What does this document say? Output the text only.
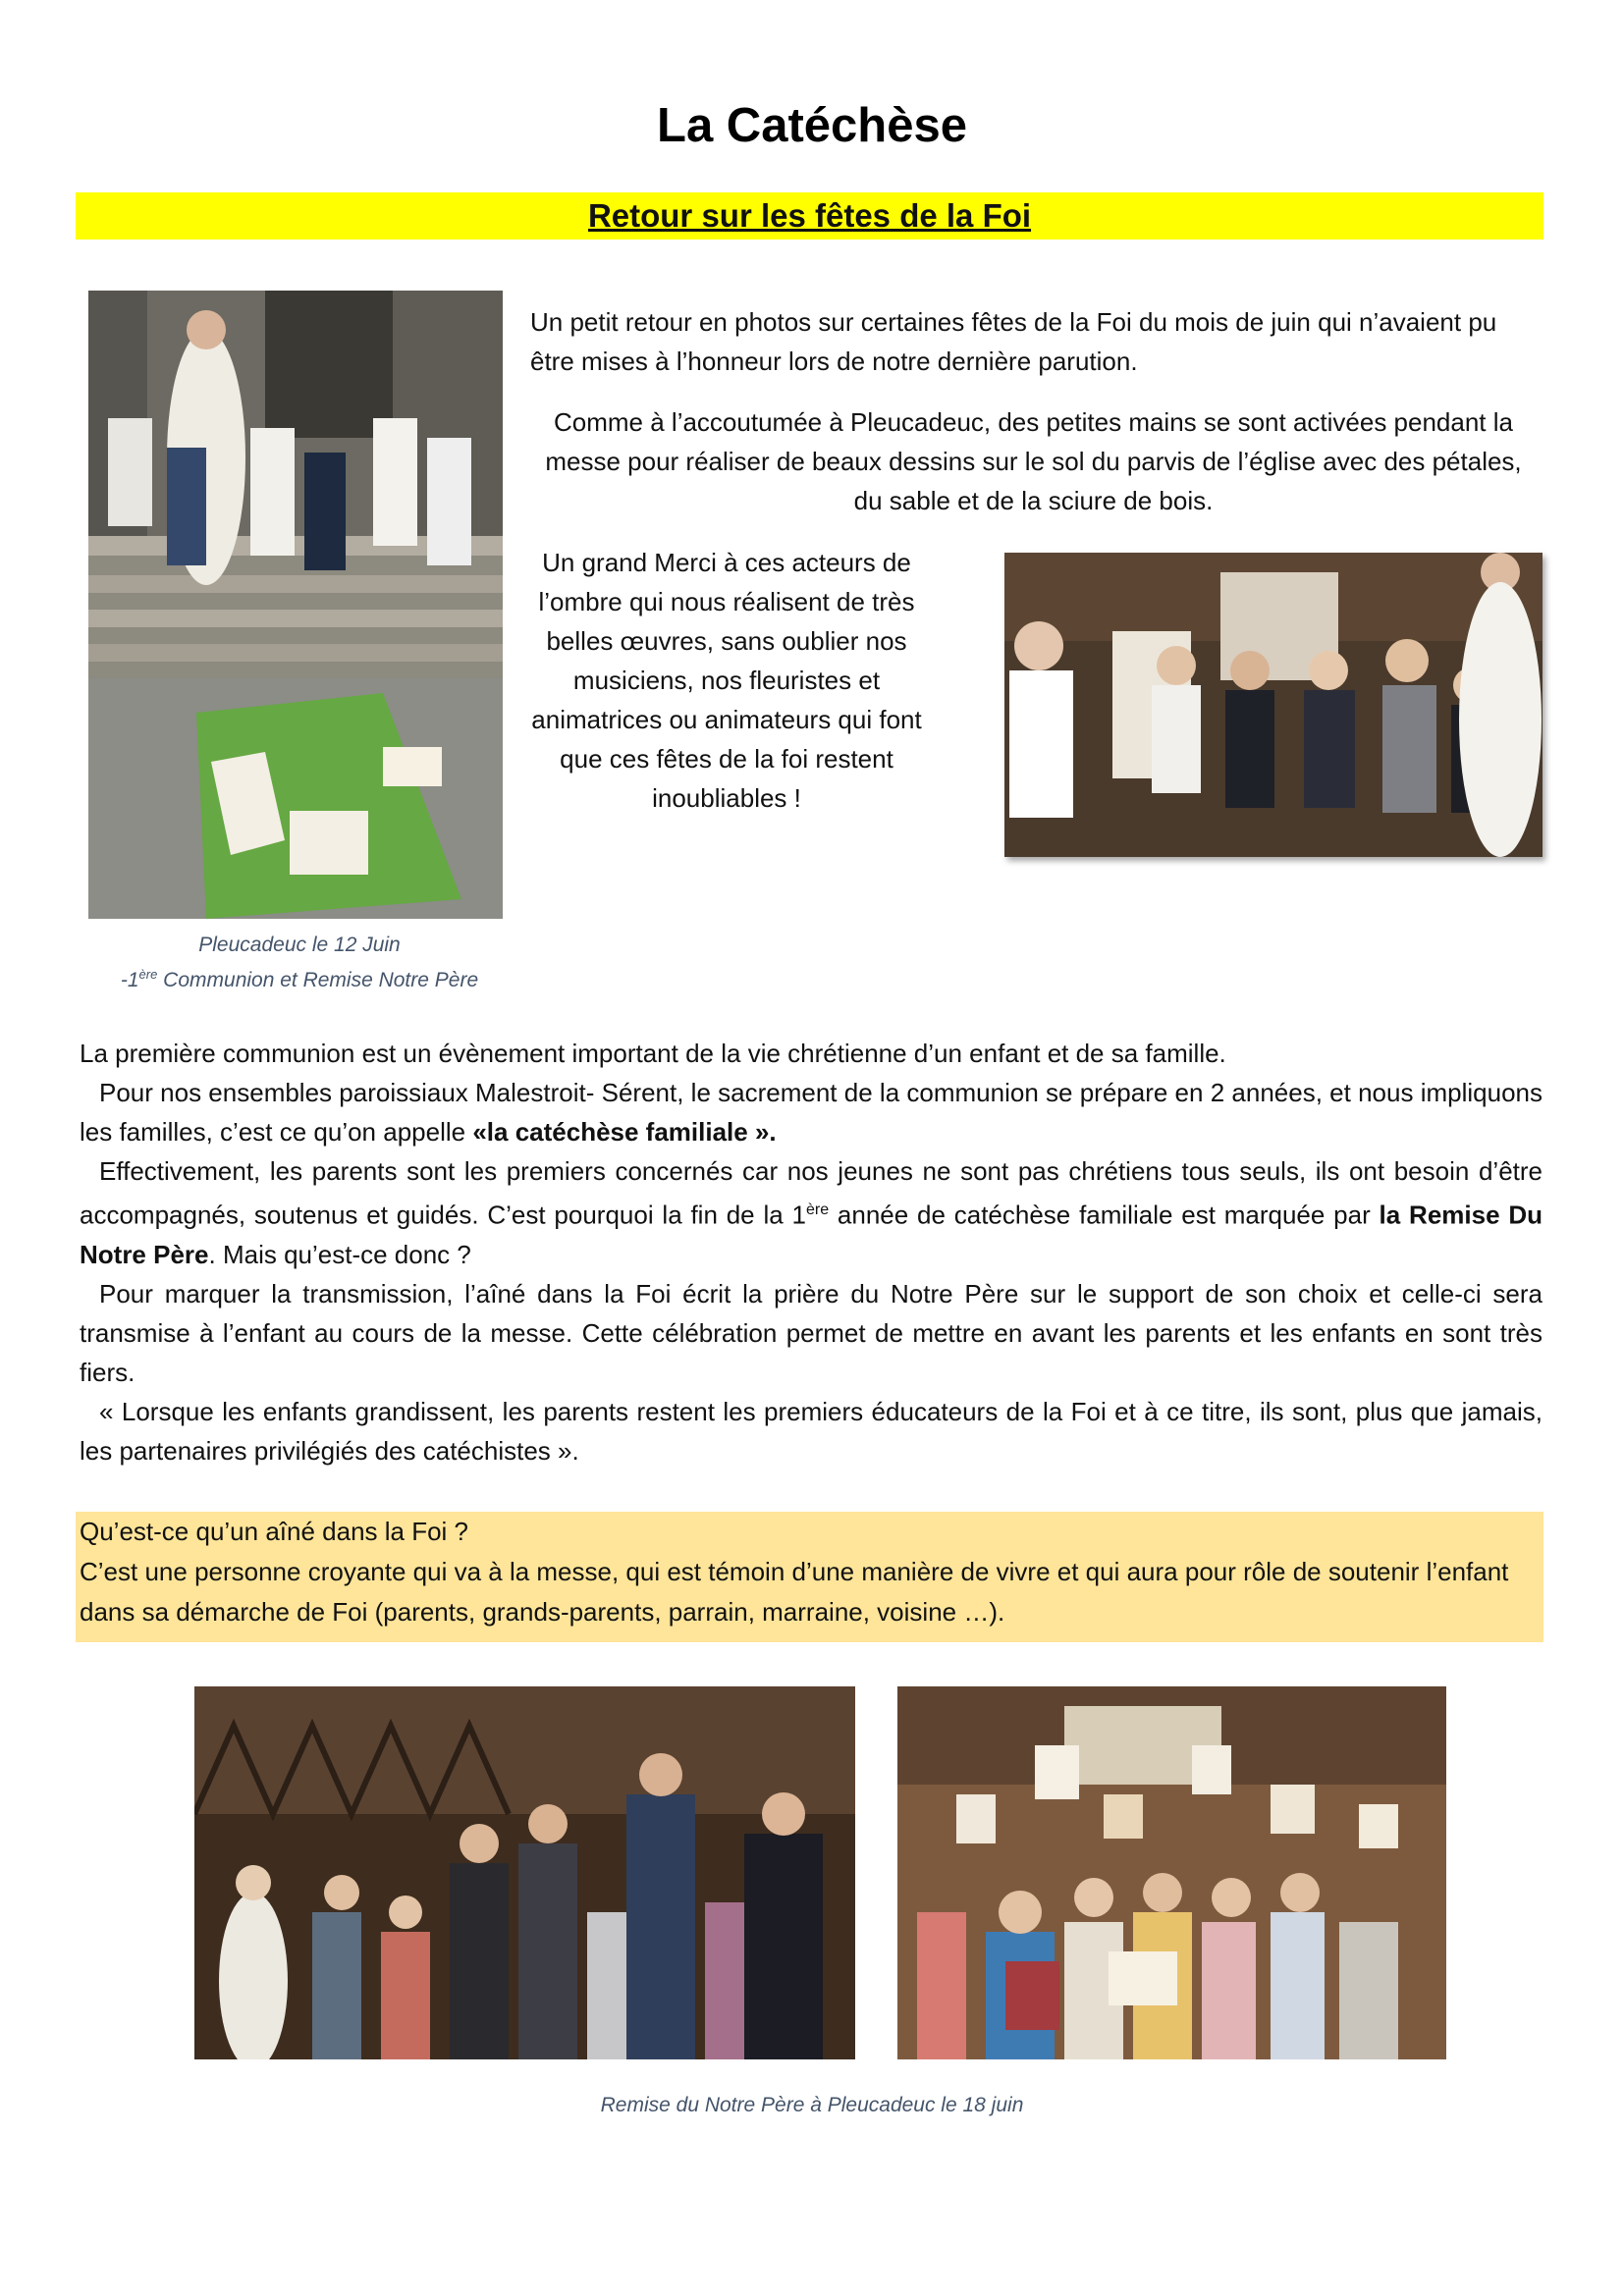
La Catéchèse
Retour sur les fêtes de la Foi
Pleucadeuc le 12 Juin
-1ère Communion et Remise Notre Père

Un petit retour en photos sur certaines fêtes de la Foi du mois de juin qui n’avaient pu être mises à l’honneur lors de notre dernière parution.

Comme à l’accoutumée à Pleucadeuc, des petites mains se sont activées pendant la messe pour réaliser de beaux dessins sur le sol du parvis de l’église avec des pétales, du sable et de la sciure de bois.

Un grand Merci à ces acteurs de l’ombre qui nous réalisent de très belles œuvres, sans oublier nos musiciens, nos fleuristes et animatrices ou animateurs qui font que ces fêtes de la foi restent inoubliables !

La première communion est un évènement important de la vie chrétienne d’un enfant et de sa famille.

Pour nos ensembles paroissiaux Malestroit- Sérent, le sacrement de la communion se prépare en 2 années, et nous impliquons les familles, c’est ce qu’on appelle «la catéchèse familiale ».

Effectivement, les parents sont les premiers concernés car nos jeunes ne sont pas chrétiens tous seuls, ils ont besoin d’être accompagnés, soutenus et guidés. C’est pourquoi la fin de la 1ère année de catéchèse familiale est marquée par la Remise Du Notre Père. Mais qu’est-ce donc ?

Pour marquer la transmission, l’aîné dans la Foi écrit la prière du Notre Père sur le support de son choix et celle-ci sera transmise à l’enfant au cours de la messe. Cette célébration permet de mettre en avant les parents et les enfants en sont très fiers.

« Lorsque les enfants grandissent, les parents restent les premiers éducateurs de la Foi et à ce titre, ils sont, plus que jamais, les partenaires privilégiés des catéchistes ».

Qu’est-ce qu’un aîné dans la Foi ?

C’est une personne croyante qui va à la messe, qui est témoin d’une manière de vivre et qui aura pour rôle de soutenir l’enfant dans sa démarche de Foi (parents, grands-parents, parrain, marraine, voisine …).

Remise du Notre Père à Pleucadeuc le 18 juin
